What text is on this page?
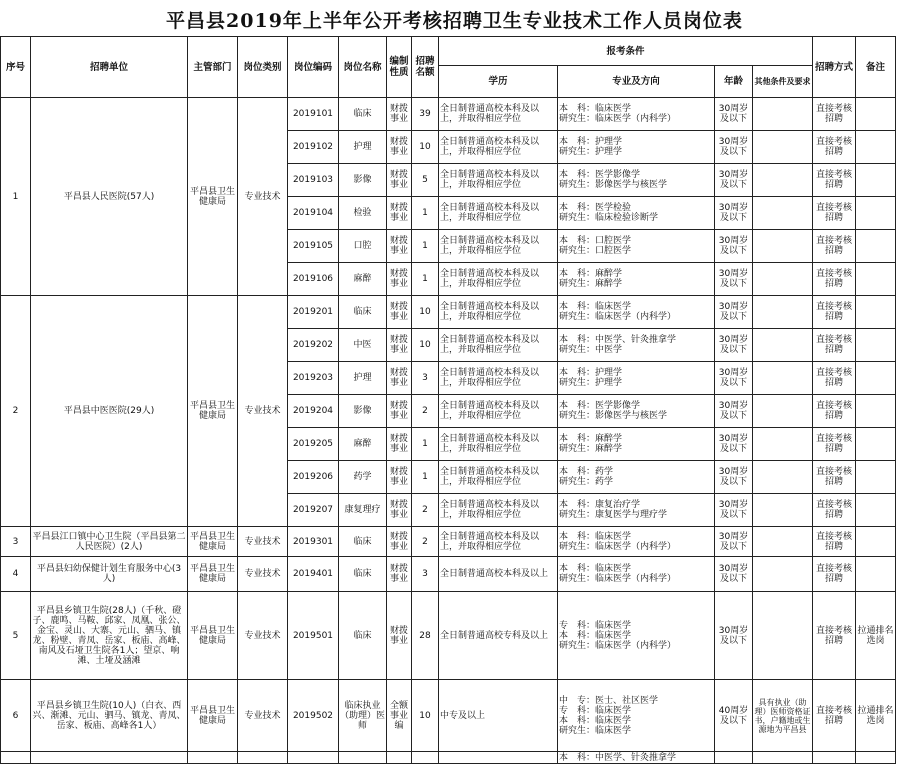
平昌县2019年上半年公开考核招聘卫生专业技术工作人员岗位表
序号	招聘单位	主管部门	岗位类别	岗位编码	岗位名称	编制性质	招聘名额	报考条件				招聘方式	备注
								学历	专业及方向	年龄	其他条件及要求		
1	平昌县人民医院(57人)	平昌县卫生健康局	专业技术	2019101	临床	财拨事业	39	全日制普通高校本科及以上，并取得相应学位	本　科：临床医学
研究生：临床医学（内科学）	30周岁及以下		直接考核招聘	
				2019102	护理	财拨事业	10	全日制普通高校本科及以上，并取得相应学位	本　科：护理学
研究生：护理学	30周岁及以下		直接考核招聘	
				2019103	影像	财拨事业	5	全日制普通高校本科及以上，并取得相应学位	本　科：医学影像学
研究生：影像医学与核医学	30周岁及以下		直接考核招聘	
				2019104	检验	财拨事业	1	全日制普通高校本科及以上，并取得相应学位	本　科：医学检验
研究生：临床检验诊断学	30周岁及以下		直接考核招聘	
				2019105	口腔	财拨事业	1	全日制普通高校本科及以上，并取得相应学位	本　科：口腔医学
研究生：口腔医学	30周岁及以下		直接考核招聘	
				2019106	麻醉	财拨事业	1	全日制普通高校本科及以上，并取得相应学位	本　科：麻醉学
研究生：麻醉学	30周岁及以下		直接考核招聘	
2	平昌县中医医院(29人)	平昌县卫生健康局	专业技术	2019201	临床	财拨事业	10	全日制普通高校本科及以上，并取得相应学位	本　科：临床医学
研究生：临床医学（内科学）	30周岁及以下		直接考核招聘	
				2019202	中医	财拨事业	10	全日制普通高校本科及以上，并取得相应学位	本　科：中医学、针灸推拿学
研究生：中医学	30周岁及以下		直接考核招聘	
				2019203	护理	财拨事业	3	全日制普通高校本科及以上，并取得相应学位	本　科：护理学
研究生：护理学	30周岁及以下		直接考核招聘	
				2019204	影像	财拨事业	2	全日制普通高校本科及以上，并取得相应学位	本　科：医学影像学
研究生：影像医学与核医学	30周岁及以下		直接考核招聘	
				2019205	麻醉	财拨事业	1	全日制普通高校本科及以上，并取得相应学位	本　科：麻醉学
研究生：麻醉学	30周岁及以下		直接考核招聘	
				2019206	药学	财拨事业	1	全日制普通高校本科及以上，并取得相应学位	本　科：药学
研究生：药学	30周岁及以下		直接考核招聘	
				2019207	康复理疗	财拨事业	2	全日制普通高校本科及以上，并取得相应学位	本　科：康复治疗学
研究生：康复医学与理疗学	30周岁及以下		直接考核招聘	
3	平昌县江口镇中心卫生院（平昌县第二人民医院）(2人)	平昌县卫生健康局	专业技术	2019301	临床	财拨事业	2	全日制普通高校本科及以上，并取得相应学位	本　科：临床医学
研究生：临床医学（内科学）	30周岁及以下		直接考核招聘	
4	平昌县妇幼保健计划生育服务中心(3人)	平昌县卫生健康局	专业技术	2019401	临床	财拨事业	3	全日制普通高校本科及以上	本　科：临床医学
研究生：临床医学（内科学）	30周岁及以下		直接考核招聘	
5	平昌县乡镇卫生院(28人)（千秋、磴子、鹿鸣、马鞍、邱家、凤凰、张公、金宝、灵山、大寨、元山、驷马、镇龙、粉壁、青凤、岳家、板庙、高峰、南风及石垭卫生院各1人；望京、响滩、土垭及涵滩	平昌县卫生健康局	专业技术	2019501	临床	财拨事业	28	全日制普通高校专科及以上	专　科：临床医学
本　科：临床医学
研究生：临床医学（内科学）	30周岁及以下		直接考核招聘	拉通排名选岗
6	平昌县乡镇卫生院(10人)（白衣、西兴、渐滩、元山、驷马、镇龙、青凤、岳家、板庙、高峰各1人）	平昌县卫生健康局	专业技术	2019502	临床执业（助理）医师	全额事业编	10	中专及以上	中　专：医士、社区医学
专　科：临床医学
本　科：临床医学
研究生：临床医学	40周岁及以下	具有执业（助理）医师资格证书，户籍地或生源地为平昌县	直接考核招聘	拉通排名选岗
									本　科：中医学、针灸推拿学				
